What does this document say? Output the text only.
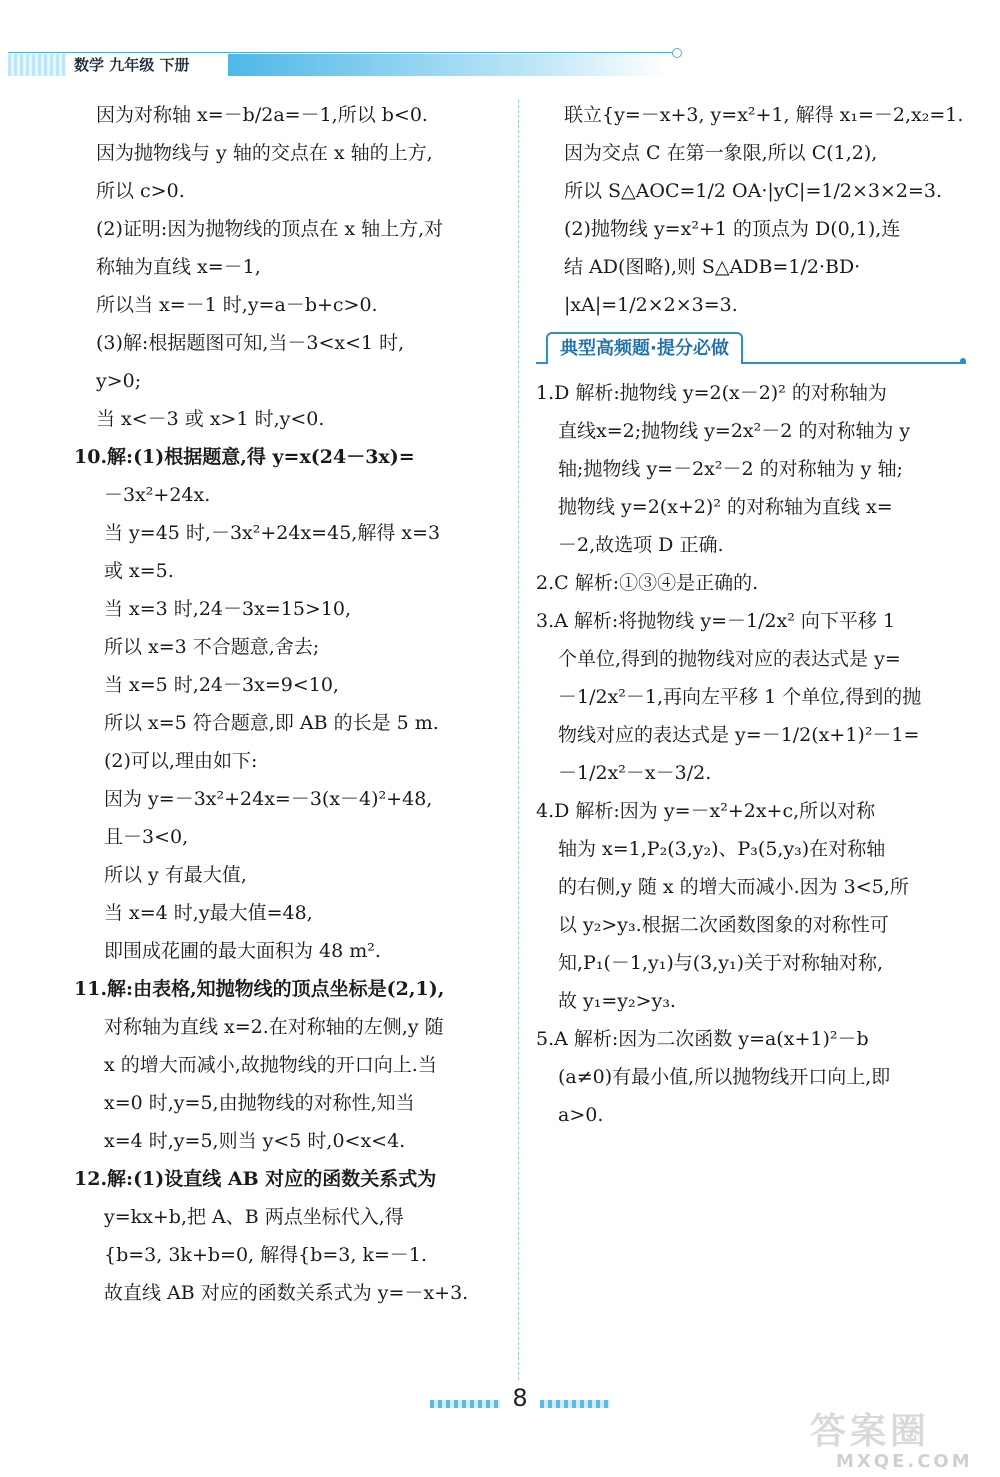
数学 九年级 下册
因为对称轴 x=－b/2a=－1,所以 b<0.
因为抛物线与 y 轴的交点在 x 轴的上方,
所以 c>0.
(2)证明:因为抛物线的顶点在 x 轴上方,对
称轴为直线 x=－1,
所以当 x=－1 时,y=a－b+c>0.
(3)解:根据题图可知,当－3<x<1 时,
y>0;
当 x<－3 或 x>1 时,y<0.
10.解:(1)根据题意,得 y=x(24－3x)=
－3x²+24x.
当 y=45 时,－3x²+24x=45,解得 x=3
或 x=5.
当 x=3 时,24－3x=15>10,
所以 x=3 不合题意,舍去;
当 x=5 时,24－3x=9<10,
所以 x=5 符合题意,即 AB 的长是 5 m.
(2)可以,理由如下:
因为 y=－3x²+24x=－3(x－4)²+48,
且－3<0,
所以 y 有最大值,
当 x=4 时,y最大值=48,
即围成花圃的最大面积为 48 m².
11.解:由表格,知抛物线的顶点坐标是(2,1),
对称轴为直线 x=2.在对称轴的左侧,y 随
x 的增大而减小,故抛物线的开口向上.当
x=0 时,y=5,由抛物线的对称性,知当
x=4 时,y=5,则当 y<5 时,0<x<4.
12.解:(1)设直线 AB 对应的函数关系式为
y=kx+b,把 A、B 两点坐标代入,得
{b=3, 3k+b=0, 解得{b=3, k=－1.
故直线 AB 对应的函数关系式为 y=－x+3.
联立{y=－x+3, y=x²+1, 解得 x₁=－2,x₂=1.
因为交点 C 在第一象限,所以 C(1,2),
所以 S△AOC=1/2 OA·|yC|=1/2×3×2=3.
(2)抛物线 y=x²+1 的顶点为 D(0,1),连
结 AD(图略),则 S△ADB=1/2·BD·
|xA|=1/2×2×3=3.
典型高频题·提分必做
1.D 解析:抛物线 y=2(x－2)² 的对称轴为
直线x=2;抛物线 y=2x²－2 的对称轴为 y
轴;抛物线 y=－2x²－2 的对称轴为 y 轴;
抛物线 y=2(x+2)² 的对称轴为直线 x=
－2,故选项 D 正确.
2.C 解析:①③④是正确的.
3.A 解析:将抛物线 y=－1/2x² 向下平移 1
个单位,得到的抛物线对应的表达式是 y=
－1/2x²－1,再向左平移 1 个单位,得到的抛
物线对应的表达式是 y=－1/2(x+1)²－1=
－1/2x²－x－3/2.
4.D 解析:因为 y=－x²+2x+c,所以对称
轴为 x=1,P₂(3,y₂)、P₃(5,y₃)在对称轴
的右侧,y 随 x 的增大而减小.因为 3<5,所
以 y₂>y₃.根据二次函数图象的对称性可
知,P₁(－1,y₁)与(3,y₁)关于对称轴对称,
故 y₁=y₂>y₃.
5.A 解析:因为二次函数 y=a(x+1)²－b
(a≠0)有最小值,所以抛物线开口向上,即
a>0.
8
答案圈
MXQE.COM
